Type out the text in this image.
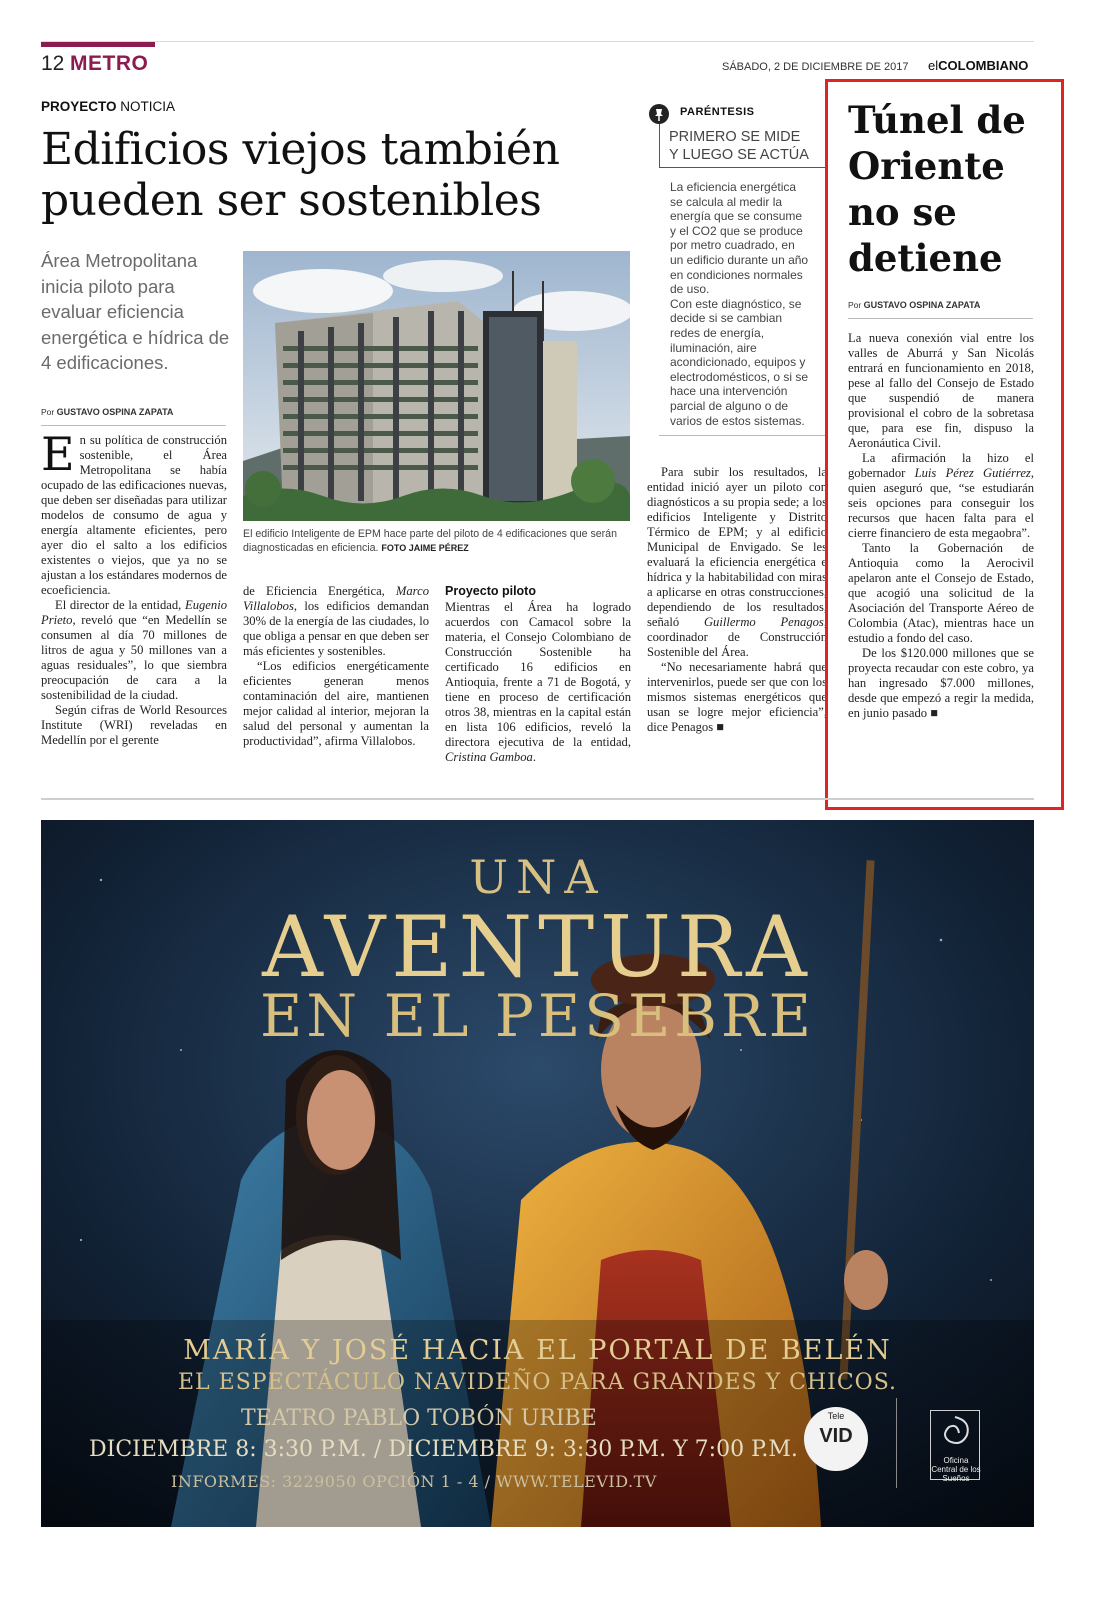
12 METRO	SÁBADO, 2 DE DICIEMBRE DE 2017 elCOLOMBIANO
PROYECTO NOTICIA
Edificios viejos también
pueden ser sostenibles
Área Metropolitana inicia piloto para evaluar eficiencia energética e hídrica de 4 edificaciones.
Por GUSTAVO OSPINA ZAPATA

En su política de construcción sostenible, el Área Metropolitana se había ocupado de las edificaciones nuevas, que deben ser diseñadas para utilizar modelos de consumo de agua y energía altamente eficientes, pero ayer dio el salto a los edificios existentes o viejos, que ya no se ajustan a los estándares modernos de ecoeficiencia.

El director de la entidad, Eugenio Prieto, reveló que “en Medellín se consumen al día 70 millones de litros de agua y 50 millones van a aguas residuales”, lo que siembra preocupación de cara a la sostenibilidad de la ciudad.

Según cifras de World Resources Institute (WRI) reveladas en Medellín por el gerente

El edificio Inteligente de EPM hace parte del piloto de 4 edificaciones que serán diagnosticadas en eficiencia. FOTO JAIME PÉREZ

de Eficiencia Energética, Marco Villalobos, los edificios demandan 30% de la energía de las ciudades, lo que obliga a pensar en que deben ser más eficientes y sostenibles.

“Los edificios energéticamente eficientes generan menos contaminación del aire, mantienen mejor calidad al interior, mejoran la salud del personal y aumentan la productividad”, afirma Villalobos.

Proyecto piloto

Mientras el Área ha logrado acuerdos con Camacol sobre la materia, el Consejo Colombiano de Construcción Sostenible ha certificado 16 edificios en Antioquia, frente a 71 de Bogotá, y tiene en proceso de certificación otros 38, mientras en la capital están en lista 106 edificios, reveló la directora ejecutiva de la entidad, Cristina Gamboa.

Para subir los resultados, la entidad inició ayer un piloto con diagnósticos a su propia sede; a los edificios Inteligente y Distrito Térmico de EPM; y al edificio Municipal de Envigado. Se les evaluará la eficiencia energética e hídrica y la habitabilidad con miras a aplicarse en otras construcciones, dependiendo de los resultados, señaló Guillermo Penagos, coordinador de Construcción Sostenible del Área.

“No necesariamente habrá que intervenirlos, puede ser que con los mismos sistemas energéticos que usan se logre mejor eficiencia”, dice Penagos ■

PARÉNTESIS
PRIMERO SE MIDE
Y LUEGO SE ACTÚA

La eficiencia energética

se calcula al medir la

energía que se consume

y el CO2 que se produce

por metro cuadrado, en

un edificio durante un año

en condiciones normales

de uso.

Con este diagnóstico, se

decide si se cambian

redes de energía,

iluminación, aire

acondicionado, equipos y

electrodomésticos, o si se

hace una intervención

parcial de alguno o de

varios de estos sistemas.

Túnel de
Oriente
no se
detiene
Por GUSTAVO OSPINA ZAPATA

La nueva conexión vial entre los valles de Aburrá y San Nicolás entrará en funcionamiento en 2018, pese al fallo del Consejo de Estado que suspendió de manera provisional el cobro de la sobretasa que, para ese fin, dispuso la Aeronáutica Civil.

La afirmación la hizo el gobernador Luis Pérez Gutiérrez, quien aseguró que, “se estudiarán seis opciones para conseguir los recursos que hacen falta para el cierre financiero de esta megaobra”.

Tanto la Gobernación de Antioquia como la Aerocivil apelaron ante el Consejo de Estado, que acogió una solicitud de la Asociación del Transporte Aéreo de Colombia (Atac), mientras hace un estudio a fondo del caso.

De los $120.000 millones que se proyecta recaudar con este cobro, ya han ingresado $7.000 millones, desde que empezó a regir la medida, en junio pasado ■

UNA
AVENTURA
EN EL PESEBRE
MARÍA Y JOSÉ HACIA EL PORTAL DE BELÉN
EL ESPECTÁCULO NAVIDEÑO PARA GRANDES Y CHICOS.
TEATRO PABLO TOBÓN URIBE
DICIEMBRE 8: 3:30 P.M. / DICIEMBRE 9: 3:30 P.M. Y 7:00 P.M.
INFORMES: 3229050 OPCIÓN 1 - 4 / WWW.TELEVID.TV
Tele
VID
Oficina Central de los Sueños
